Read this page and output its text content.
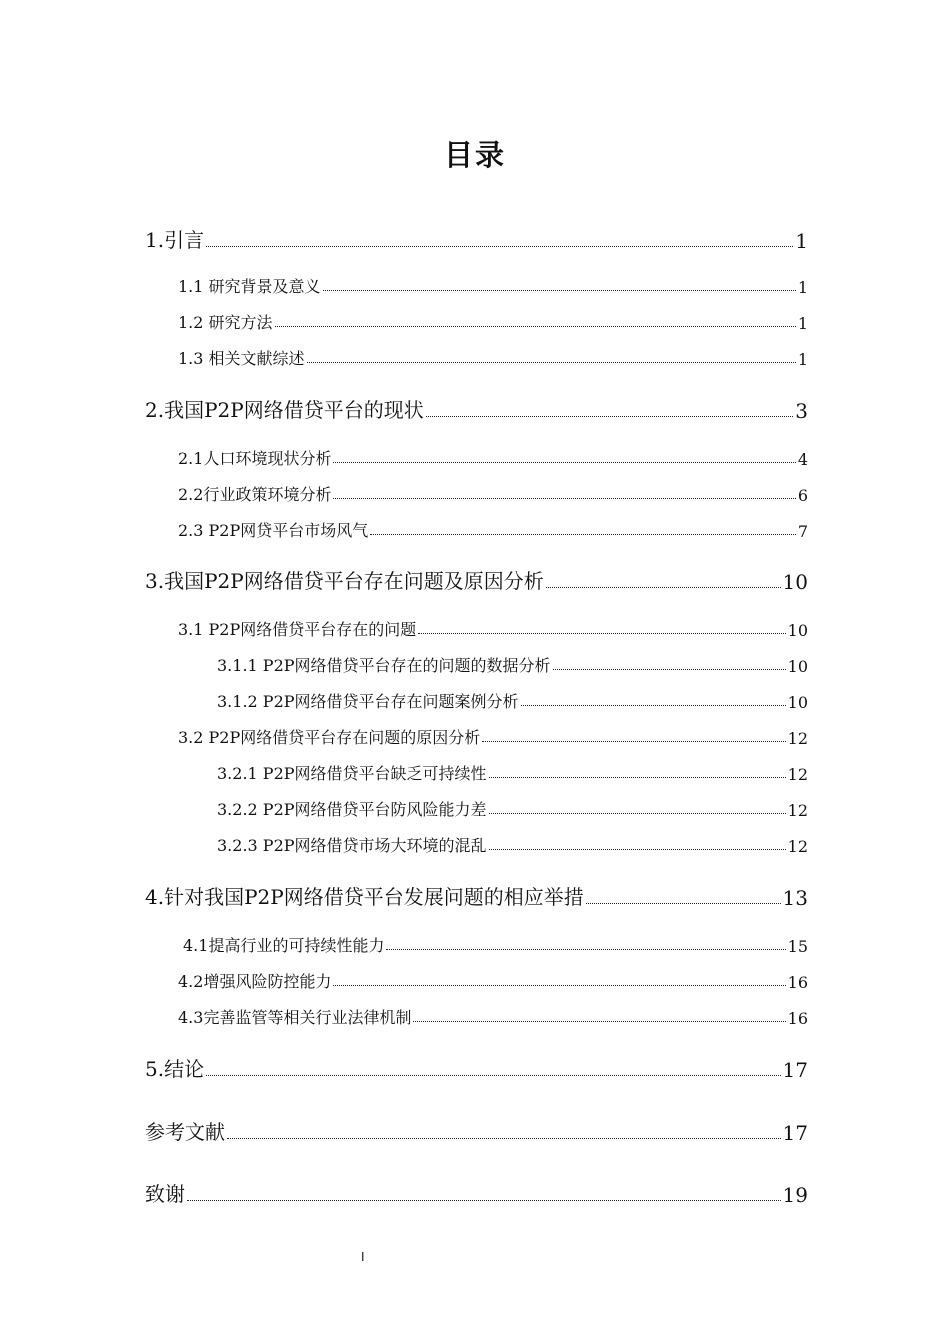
目录
1.引言	1
1.1 研究背景及意义	1
1.2 研究方法	1
1.3 相关文献综述	1
2.我国P2P网络借贷平台的现状	3
2.1人口环境现状分析	4
2.2行业政策环境分析	6
2.3 P2P网贷平台市场风气	7
3.我国P2P网络借贷平台存在问题及原因分析	10
3.1 P2P网络借贷平台存在的问题	10
3.1.1 P2P网络借贷平台存在的问题的数据分析	10
3.1.2 P2P网络借贷平台存在问题案例分析	10
3.2 P2P网络借贷平台存在问题的原因分析	12
3.2.1 P2P网络借贷平台缺乏可持续性	12
3.2.2 P2P网络借贷平台防风险能力差	12
3.2.3 P2P网络借贷市场大环境的混乱	12
4.针对我国P2P网络借贷平台发展问题的相应举措	13
4.1提高行业的可持续性能力	15
4.2增强风险防控能力	16
4.3完善监管等相关行业法律机制	16
5.结论	17
参考文献	17
致谢	19
I
